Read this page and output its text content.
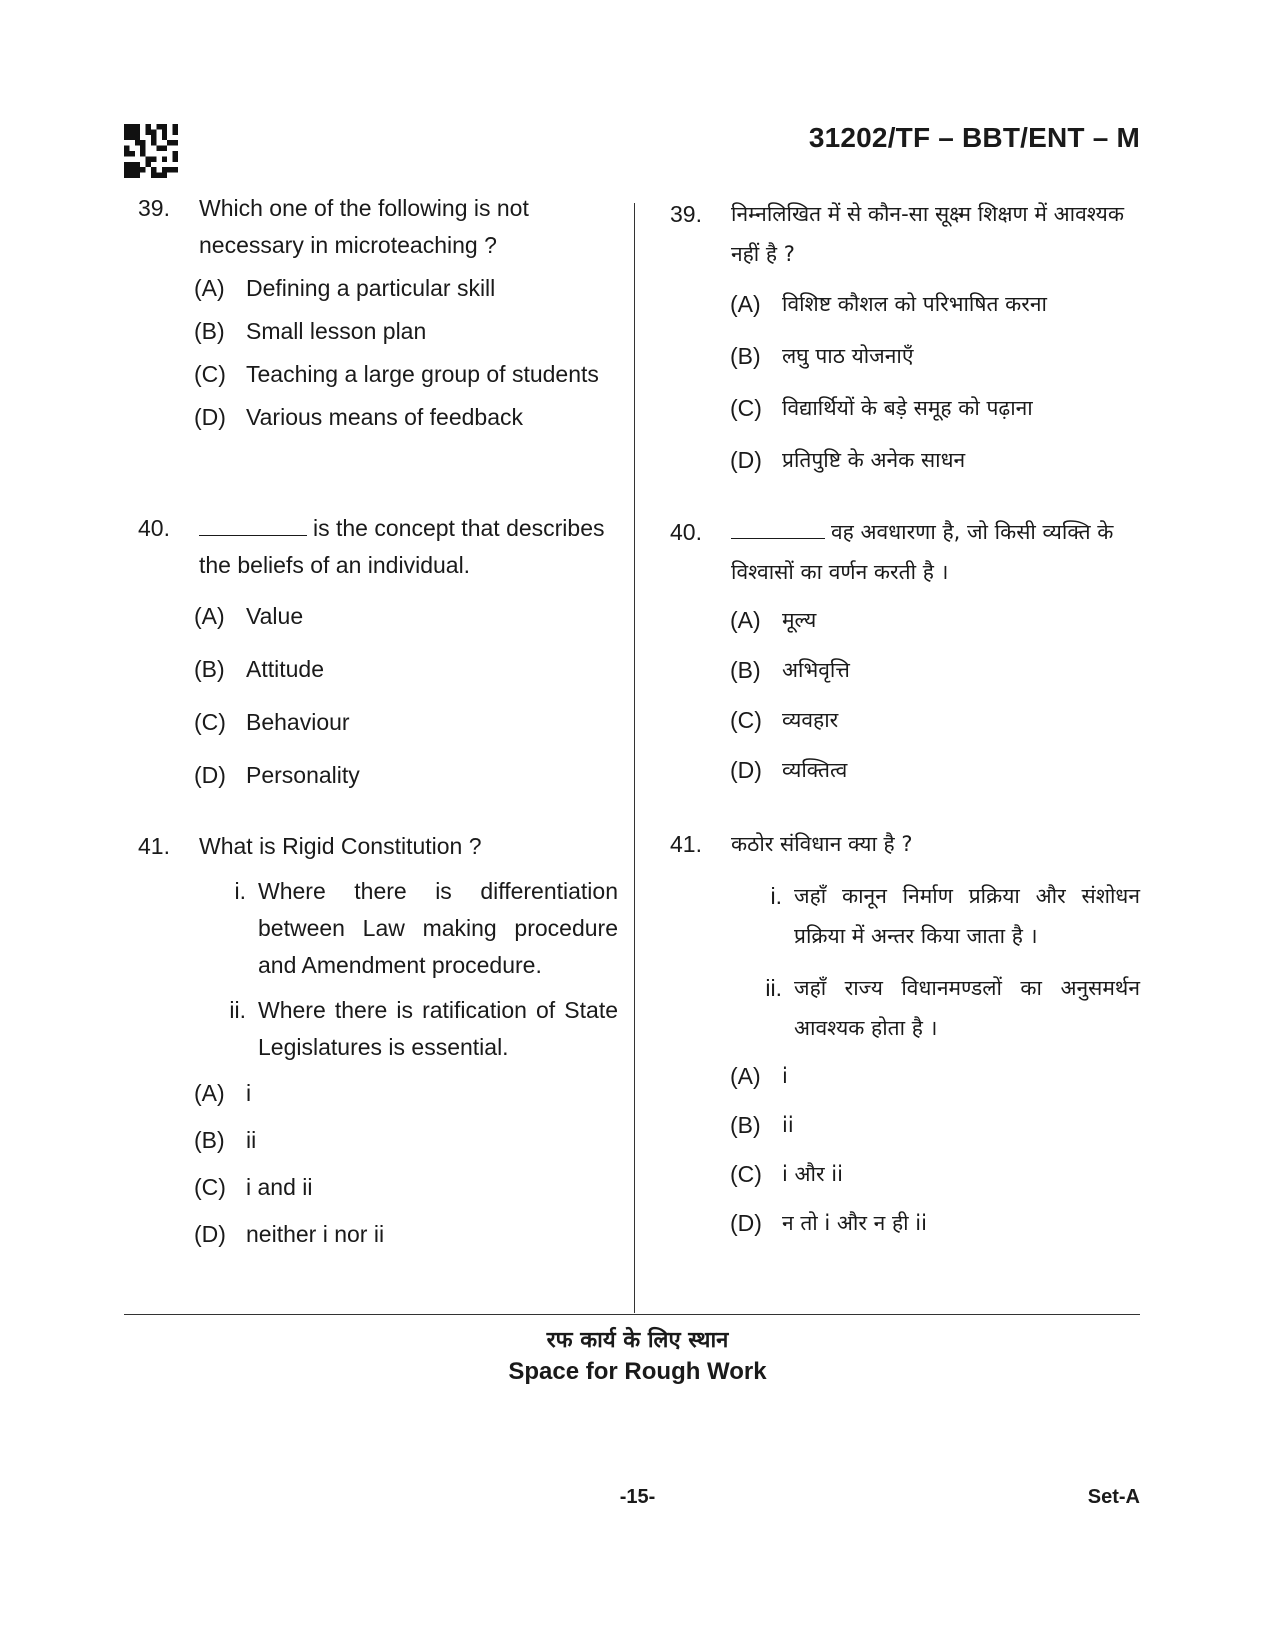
31202/TF – BBT/ENT – M
39.	Which one of the following is not necessary in microteaching ?
(A) Defining a particular skill
(B) Small lesson plan
(C) Teaching a large group of students
(D) Various means of feedback
40.	is the concept that describes the beliefs of an individual.
(A) Value
(B) Attitude
(C) Behaviour
(D) Personality
41.	What is Rigid Constitution ?
i. Where there is differentiation between Law making procedure and Amendment procedure.
ii. Where there is ratification of State Legislatures is essential.
(A) i
(B) ii
(C) i and ii
(D) neither i nor ii
39.	निम्नलिखित में से कौन-सा सूक्ष्म शिक्षण में आवश्यक नहीं है ?
(A)	विशिष्ट कौशल को परिभाषित करना
(B)	लघु पाठ योजनाएँ
(C) विद्यार्थियों के बड़े समूह को पढ़ाना
(D) प्रतिपुष्टि के अनेक साधन
40.	वह अवधारणा है, जो किसी व्यक्ति के विश्वासों का वर्णन करती है ।
(A)	मूल्य
(B)	अभिवृत्ति
(C) व्यवहार
(D) व्यक्तित्व
41.	कठोर संविधान क्या है ?
i. जहाँ कानून निर्माण प्रक्रिया और संशोधन प्रक्रिया में अन्तर किया जाता है ।
ii. जहाँ राज्य विधानमण्डलों का अनुसमर्थन आवश्यक होता है ।
(A)	i
(B)	ii
(C) i और ii
(D) न तो i और न ही ii
रफ कार्य के लिए स्थान
Space for Rough Work
-15-	Set-A
